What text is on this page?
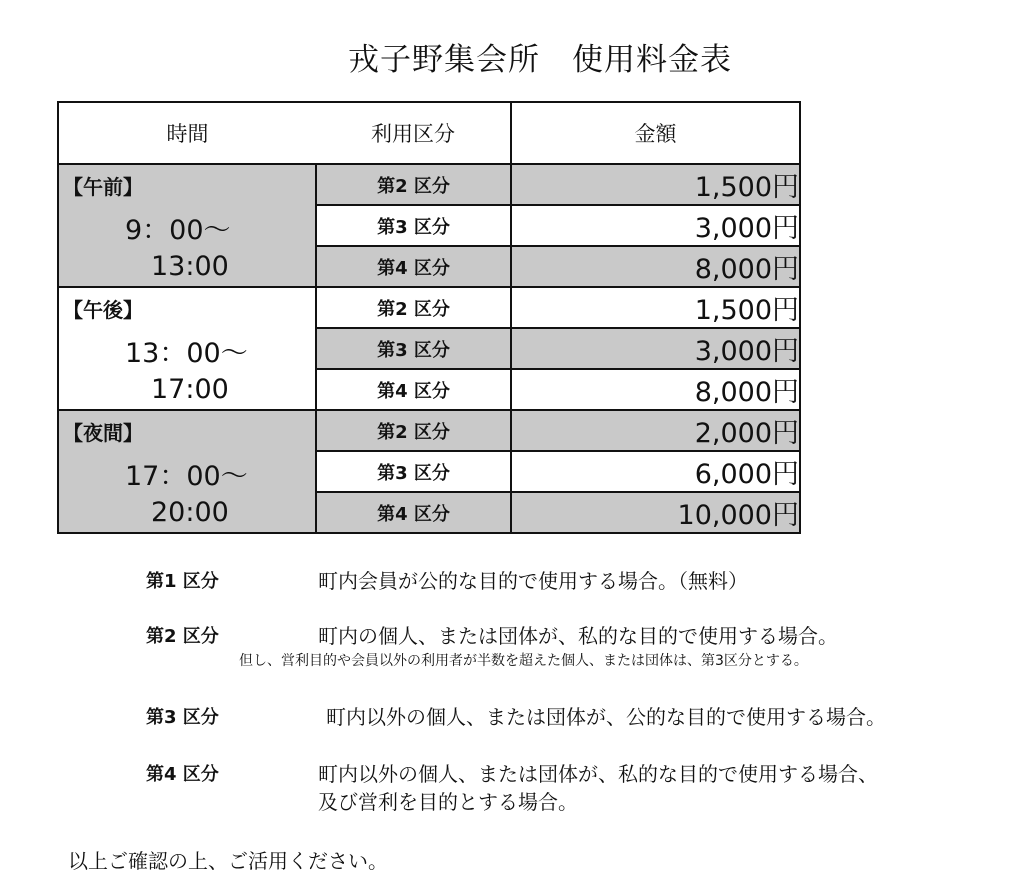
戎子野集会所　使用料金表
時間	利用区分	金額

【午前】
9：00～
13:00	第2 区分	1,500円
	第3 区分	3,000円
	第4 区分	8,000円

【午後】
13：00～
17:00	第2 区分	1,500円
	第3 区分	3,000円
	第4 区分	8,000円

【夜間】
17：00～
20:00	第2 区分	2,000円
	第3 区分	6,000円
	第4 区分	10,000円
第1 区分	町内会員が公的な目的で使用する場合。（無料）
第2 区分	町内の個人、または団体が、私的な目的で使用する場合。
但し、営利目的や会員以外の利用者が半数を超えた個人、または団体は、第3区分とする。
第3 区分	町内以外の個人、または団体が、公的な目的で使用する場合。
第4 区分	町内以外の個人、または団体が、私的な目的で使用する場合、
及び営利を目的とする場合。
以上ご確認の上、ご活用ください。
